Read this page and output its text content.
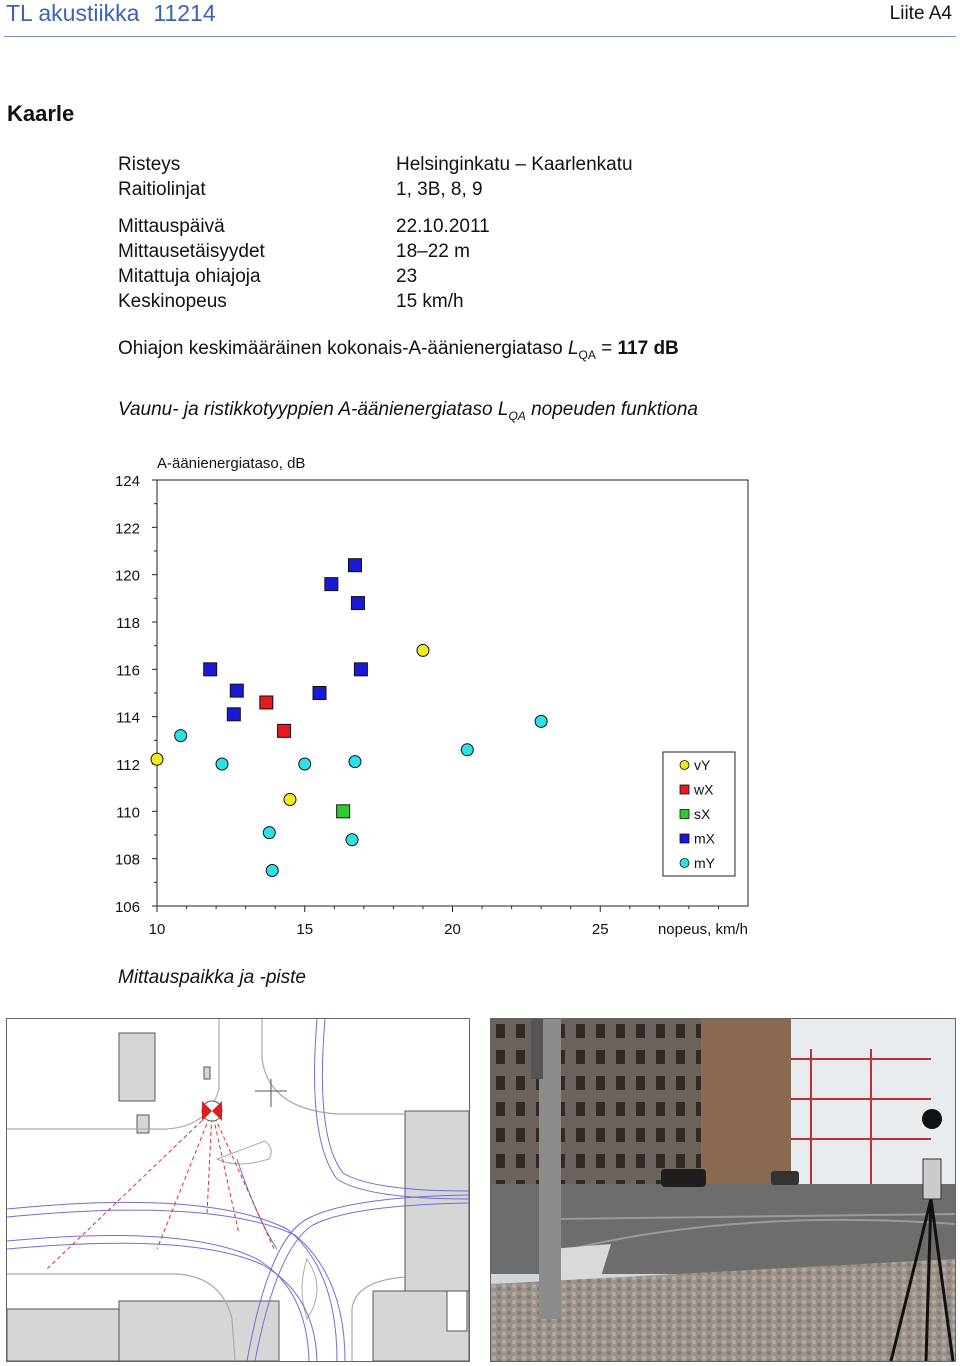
TL akustiikka 11214	Liite A4
Kaarle
Risteys	Helsinginkatu – Kaarlenkatu
Raitiolinjat	1, 3B, 8, 9
Mittauspäivä	22.10.2011
Mittausetäisyydet	18–22 m
Mitattuja ohiajoja	23
Keskinopeus	15 km/h
Ohiajon keskimääräinen kokonais-A-äänienergiataso $L_{QA} = 117$ dB
Vaunu- ja ristikkotyyppien A-äänienergiataso $L_{QA}$ nopeuden funktiona
106
108
110
112
114
116
118
120
122
124
10	15	20	25
A-äänienergiataso, dB
nopeus, km/h
vY
wX
sX
mX
mY
Mittauspaikka ja -piste
